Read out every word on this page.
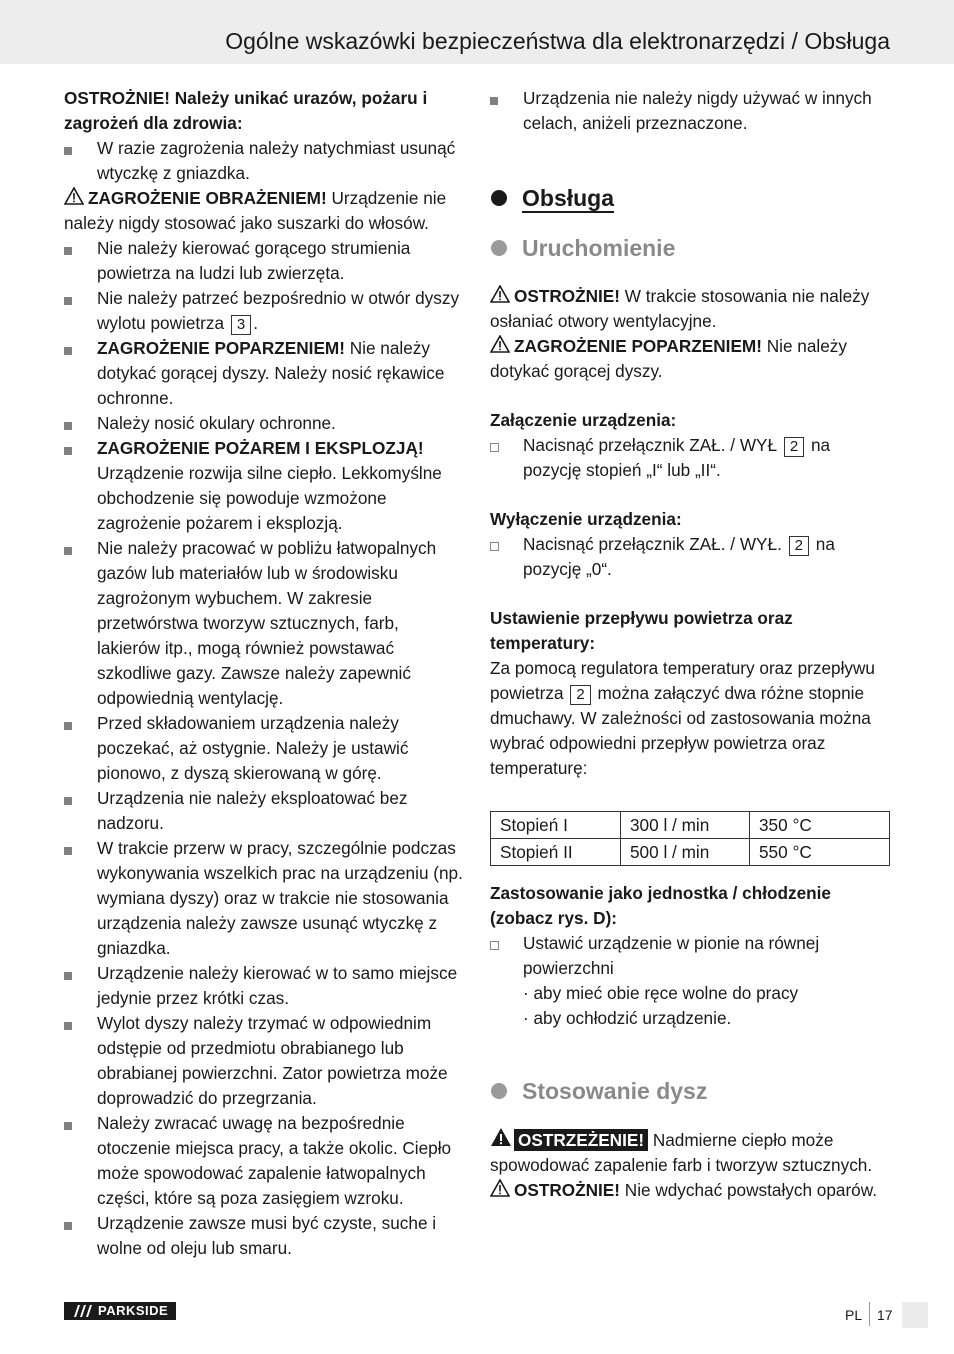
Ogólne wskazówki bezpieczeństwa dla elektronarzędzi / Obsługa

OSTROŻNIE! Należy unikać urazów, pożaru i zagrożeń dla zdrowia:

W razie zagrożenia należy natychmiast usunąć wtyczkę z gniazdka.
ZAGROŻENIE OBRAŻENIEM! Urządzenie nie należy nigdy stosować jako suszarki do włosów.
Nie należy kierować gorącego strumienia powietrza na ludzi lub zwierzęta.
Nie należy patrzeć bezpośrednio w otwór dyszy wylotu powietrza 3 .
ZAGROŻENIE POPARZENIEM! Nie należy dotykać gorącej dyszy. Należy nosić rękawice ochronne.
Należy nosić okulary ochronne.
ZAGROŻENIE POŻAREM I EKSPLOZJĄ!
Urządzenie rozwija silne ciepło. Lekkomyślne obchodzenie się powoduje wzmożone zagrożenie pożarem i eksplozją.
Nie należy pracować w pobliżu łatwopalnych gazów lub materiałów lub w środowisku zagrożonym wybuchem. W zakresie przetwórstwa tworzyw sztucznych, farb, lakierów itp., mogą również powstawać szkodliwe gazy. Zawsze należy zapewnić odpowiednią wentylację.
Przed składowaniem urządzenia należy poczekać, aż ostygnie. Należy je ustawić pionowo, z dyszą skierowaną w górę.
Urządzenia nie należy eksploatować bez nadzoru.
W trakcie przerw w pracy, szczególnie podczas wykonywania wszelkich prac na urządzeniu (np. wymiana dyszy) oraz w trakcie nie stosowania urządzenia należy zawsze usunąć wtyczkę z gniazdka.
Urządzenie należy kierować w to samo miejsce jedynie przez krótki czas.
Wylot dyszy należy trzymać w odpowiednim odstępie od przedmiotu obrabianego lub obrabianej powierzchni. Zator powietrza może doprowadzić do przegrzania.
Należy zwracać uwagę na bezpośrednie otoczenie miejsca pracy, a także okolic. Ciepło może spowodować zapalenie łatwopalnych części, które są poza zasięgiem wzroku.
Urządzenie zawsze musi być czyste, suche i wolne od oleju lub smaru.
Urządzenia nie należy nigdy używać w innych celach, aniżeli przeznaczone.
Obsługa
Uruchomienie
OSTROŻNIE! W trakcie stosowania nie należy osłaniać otwory wentylacyjne.
ZAGROŻENIE POPARZENIEM! Nie należy dotykać gorącej dyszy.

Załączenie urządzenia:

Nacisnąć przełącznik ZAŁ. / WYŁ 2 na pozycję stopień „I“ lub „II“.

Wyłączenie urządzenia:

Nacisnąć przełącznik ZAŁ. / WYŁ. 2 na pozycję „0“.

Ustawienie przepływu powietrza oraz temperatury:

Za pomocą regulatora temperatury oraz przepływu powietrza 2 można załączyć dwa różne stopnie dmuchawy. W zależności od zastosowania można wybrać odpowiedni przepływ powietrza oraz temperaturę:

Stopień I	300 l / min	350 °C
Stopień II	500 l / min	550 °C

Zastosowanie jako jednostka / chłodzenie (zobacz rys. D):

Ustawić urządzenie w pionie na równej powierzchni
· aby mieć obie ręce wolne do pracy
· aby ochłodzić urządzenie.
Stosowanie dysz
OSTRZEŻENIE! Nadmierne ciepło może spowodować zapalenie farb i tworzyw sztucznych.
OSTROŻNIE! Nie wdychać powstałych oparów.
PARKSIDE	PL 17
